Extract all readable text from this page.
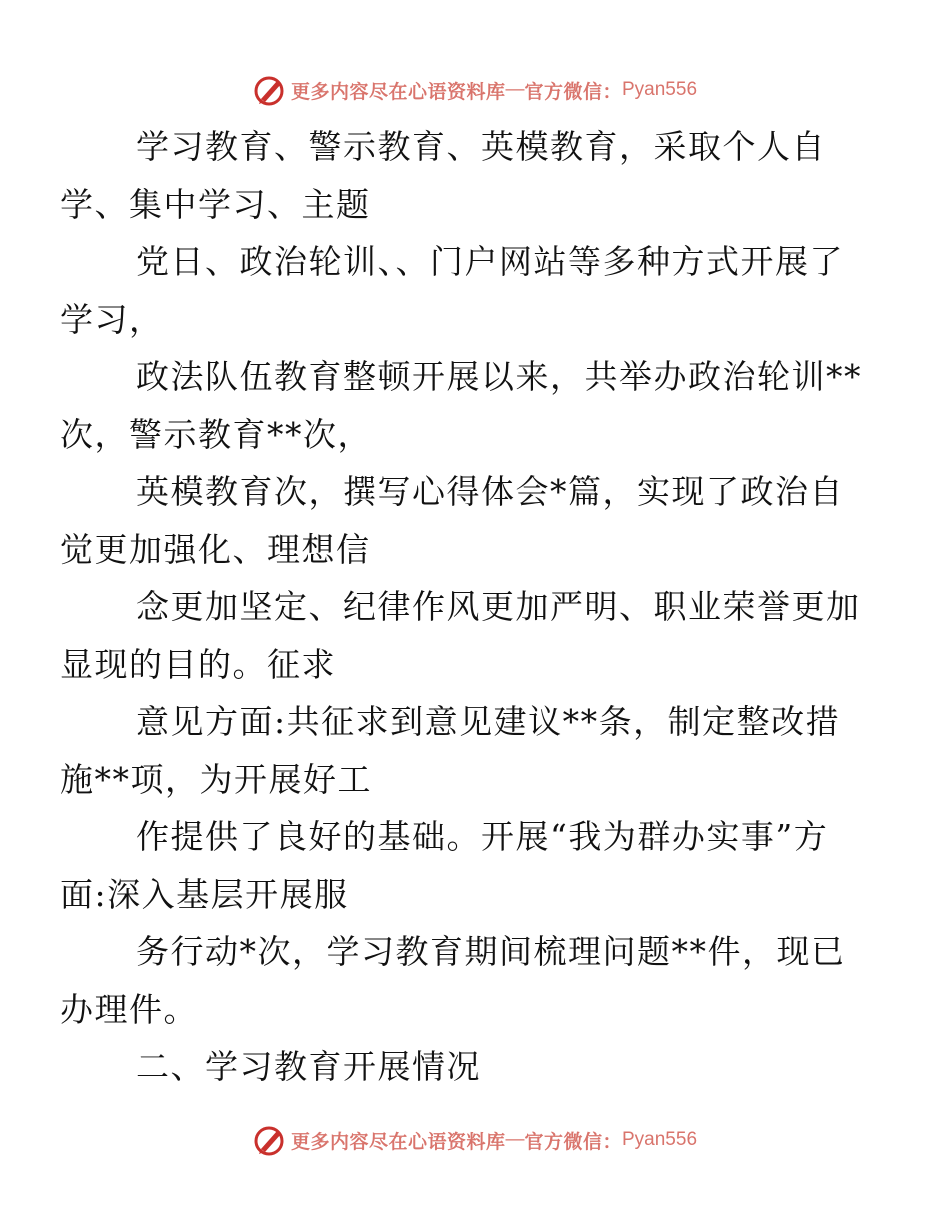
更多内容尽在心语资料库 — 官方微信： Pyan556

学习教育、警示教育、英模教育，采取个人自
学、集中学习、主题

党日、政治轮训、、门户网站等多种方式开展了
学习，

政法队伍教育整顿开展以来，共举办政治轮训**
次，警示教育**次，

英模教育次，撰写心得体会*篇，实现了政治自
觉更加强化、理想信

念更加坚定、纪律作风更加严明、职业荣誉更加
显现的目的。征求

意见方面:共征求到意见建议**条，制定整改措
施**项，为开展好工

作提供了良好的基础。开展“我为群办实事”方
面:深入基层开展服

务行动*次，学习教育期间梳理问题**件，现已
办理件。

二、学习教育开展情况

更多内容尽在心语资料库 — 官方微信： Pyan556
